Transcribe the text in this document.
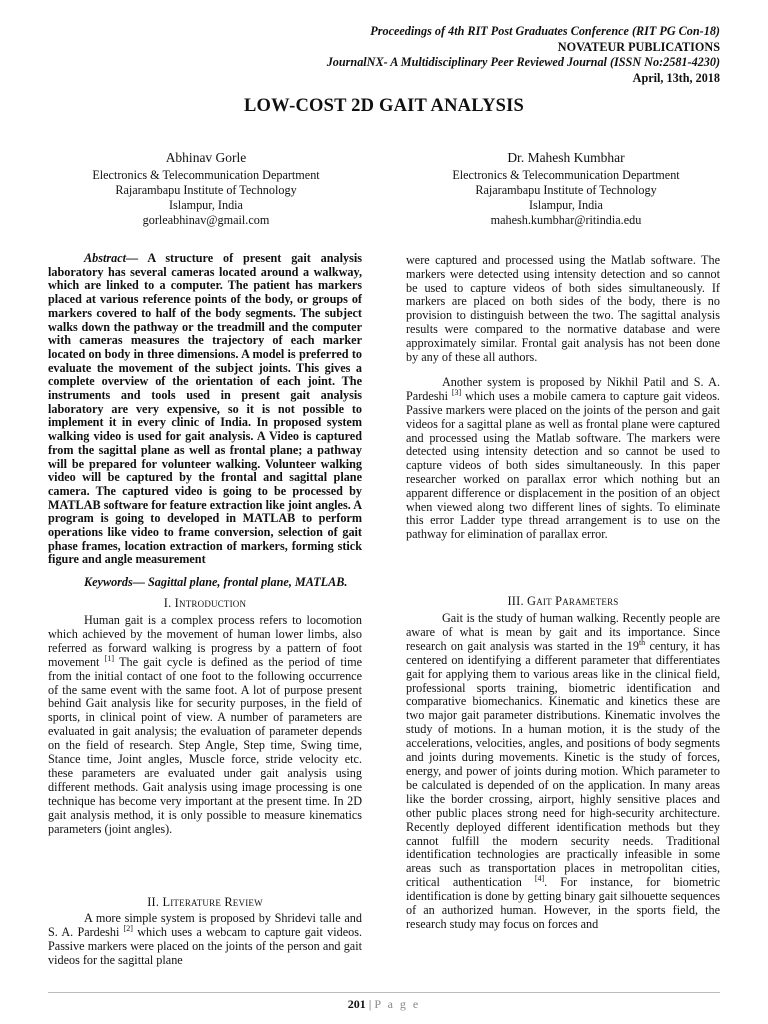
Proceedings of 4th RIT Post Graduates Conference (RIT PG Con-18)
NOVATEUR PUBLICATIONS
JournalNX- A Multidisciplinary Peer Reviewed Journal (ISSN No:2581-4230)
April, 13th, 2018
LOW-COST 2D GAIT ANALYSIS
Abhinav Gorle
Electronics & Telecommunication Department
Rajarambapu Institute of Technology
Islampur, India
gorleabhinav@gmail.com
Dr. Mahesh Kumbhar
Electronics & Telecommunication Department
Rajarambapu Institute of Technology
Islampur, India
mahesh.kumbhar@ritindia.edu

Abstract— A structure of present gait analysis laboratory has several cameras located around a walkway, which are linked to a computer. The patient has markers placed at various reference points of the body, or groups of markers covered to half of the body segments. The subject walks down the pathway or the treadmill and the computer with cameras measures the trajectory of each marker located on body in three dimensions. A model is preferred to evaluate the movement of the subject joints. This gives a complete overview of the orientation of each joint. The instruments and tools used in present gait analysis laboratory are very expensive, so it is not possible to implement it in every clinic of India. In proposed system walking video is used for gait analysis. A Video is captured from the sagittal plane as well as frontal plane; a pathway will be prepared for volunteer walking. Volunteer walking video will be captured by the frontal and sagittal plane camera. The captured video is going to be processed by MATLAB software for feature extraction like joint angles. A program is going to developed in MATLAB to perform operations like video to frame conversion, selection of gait phase frames, location extraction of markers, forming stick figure and angle measurement

Keywords— Sagittal plane, frontal plane, MATLAB.

I. Introduction

Human gait is a complex process refers to locomotion which achieved by the movement of human lower limbs, also referred as forward walking is progress by a pattern of foot movement [1] The gait cycle is defined as the period of time from the initial contact of one foot to the following occurrence of the same event with the same foot. A lot of purpose present behind Gait analysis like for security purposes, in the field of sports, in clinical point of view. A number of parameters are evaluated in gait analysis; the evaluation of parameter depends on the field of research. Step Angle, Step time, Swing time, Stance time, Joint angles, Muscle force, stride velocity etc. these parameters are evaluated under gait analysis using different methods. Gait analysis using image processing is one technique has become very important at the present time. In 2D gait analysis method, it is only possible to measure kinematics parameters (joint angles).

II. Literature Review

A more simple system is proposed by Shridevi talle and S. A. Pardeshi [2] which uses a webcam to capture gait videos. Passive markers were placed on the joints of the person and gait videos for the sagittal plane

were captured and processed using the Matlab software. The markers were detected using intensity detection and so cannot be used to capture videos of both sides simultaneously. If markers are placed on both sides of the body, there is no provision to distinguish between the two. The sagittal analysis results were compared to the normative database and were approximately similar. Frontal gait analysis has not been done by any of these all authors.

Another system is proposed by Nikhil Patil and S. A. Pardeshi [3] which uses a mobile camera to capture gait videos. Passive markers were placed on the joints of the person and gait videos for a sagittal plane as well as frontal plane were captured and processed using the Matlab software. The markers were detected using intensity detection and so cannot be used to capture videos of both sides simultaneously. In this paper researcher worked on parallax error which nothing but an apparent difference or displacement in the position of an object when viewed along two different lines of sights. To eliminate this error Ladder type thread arrangement is to use on the pathway for elimination of parallax error.

III. Gait Parameters

Gait is the study of human walking. Recently people are aware of what is mean by gait and its importance. Since research on gait analysis was started in the 19th century, it has centered on identifying a different parameter that differentiates gait for applying them to various areas like in the clinical field, professional sports training, biometric identification and comparative biomechanics. Kinematic and kinetics these are two major gait parameter distributions. Kinematic involves the study of motions. In a human motion, it is the study of the accelerations, velocities, angles, and positions of body segments and joints during movements. Kinetic is the study of forces, energy, and power of joints during motion. Which parameter to be calculated is depended of on the application. In many areas like the border crossing, airport, highly sensitive places and other public places strong need for high-security architecture. Recently deployed different identification methods but they cannot fulfill the modern security needs. Traditional identification technologies are practically infeasible in some areas such as transportation places in metropolitan cities, critical authentication [4]. For instance, for biometric identification is done by getting binary gait silhouette sequences of an authorized human. However, in the sports field, the research study may focus on forces and

201 | P a g e
